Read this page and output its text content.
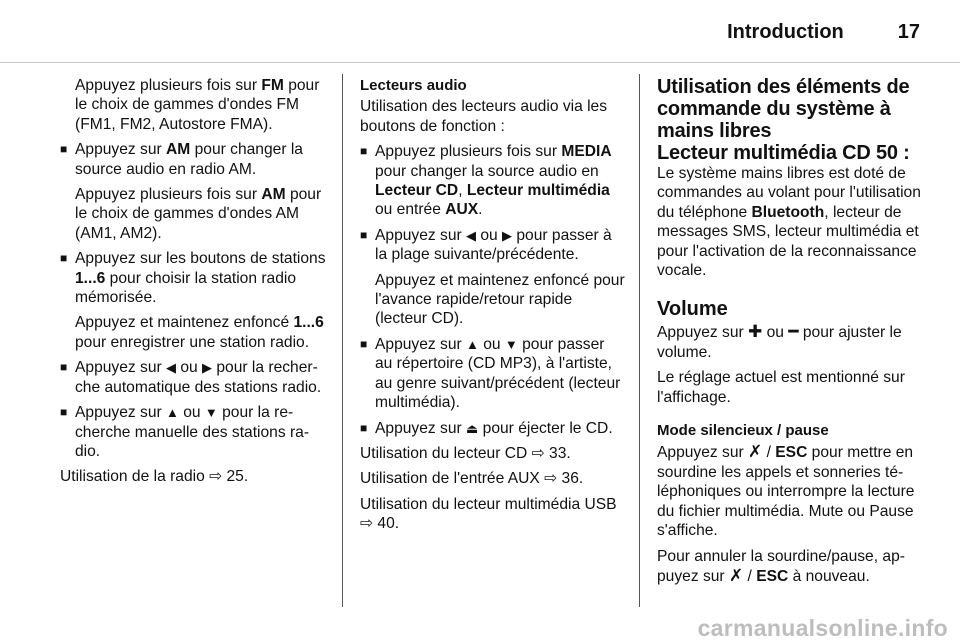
Introduction	17

Appuyez plusieurs fois sur FM pour le choix de gammes d'ondes FM (FM1, FM2, Autostore FMA).

■ Appuyez sur AM pour changer la source audio en radio AM.

Appuyez plusieurs fois sur AM pour le choix de gammes d'ondes AM (AM1, AM2).

■ Appuyez sur les boutons de stations 1...6 pour choisir la station radio mémorisée.

Appuyez et maintenez enfoncé 1...6 pour enregistrer une station radio.

■ Appuyez sur ◀ ou ▶ pour la recherche automatique des stations radio.
■ Appuyez sur ▲ ou ▼ pour la recherche manuelle des stations radio.

Utilisation de la radio ⇨ 25.

Lecteurs audio

Utilisation des lecteurs audio via les boutons de fonction :

■ Appuyez plusieurs fois sur MEDIA pour changer la source audio en Lecteur CD, Lecteur multimédia ou entrée AUX.
■ Appuyez sur ◀ ou ▶ pour passer à la plage suivante/précédente.

Appuyez et maintenez enfoncé pour l'avance rapide/retour rapide (lecteur CD).

■ Appuyez sur ▲ ou ▼ pour passer au répertoire (CD MP3), à l'artiste, au genre suivant/précédent (lecteur multimédia).
■ Appuyez sur ⏏ pour éjecter le CD.

Utilisation du lecteur CD ⇨ 33.

Utilisation de l'entrée AUX ⇨ 36.

Utilisation du lecteur multimédia USB ⇨ 40.

Utilisation des éléments de commande du système à mains libres
Lecteur multimédia CD 50 :

Le système mains libres est doté de commandes au volant pour l'utilisation du téléphone Bluetooth, lecteur de messages SMS, lecteur multimédia et pour l'activation de la reconnaissance vocale.

Volume

Appuyez sur ✚ ou ━ pour ajuster le volume.

Le réglage actuel est mentionné sur l'affichage.

Mode silencieux / pause

Appuyez sur ✗ / ESC pour mettre en sourdine les appels et sonneries téléphoniques ou interrompre la lecture du fichier multimédia. Mute ou Pause s'affiche.

Pour annuler la sourdine/pause, appuyez sur ✗ / ESC à nouveau.

carmanualsonline.info
